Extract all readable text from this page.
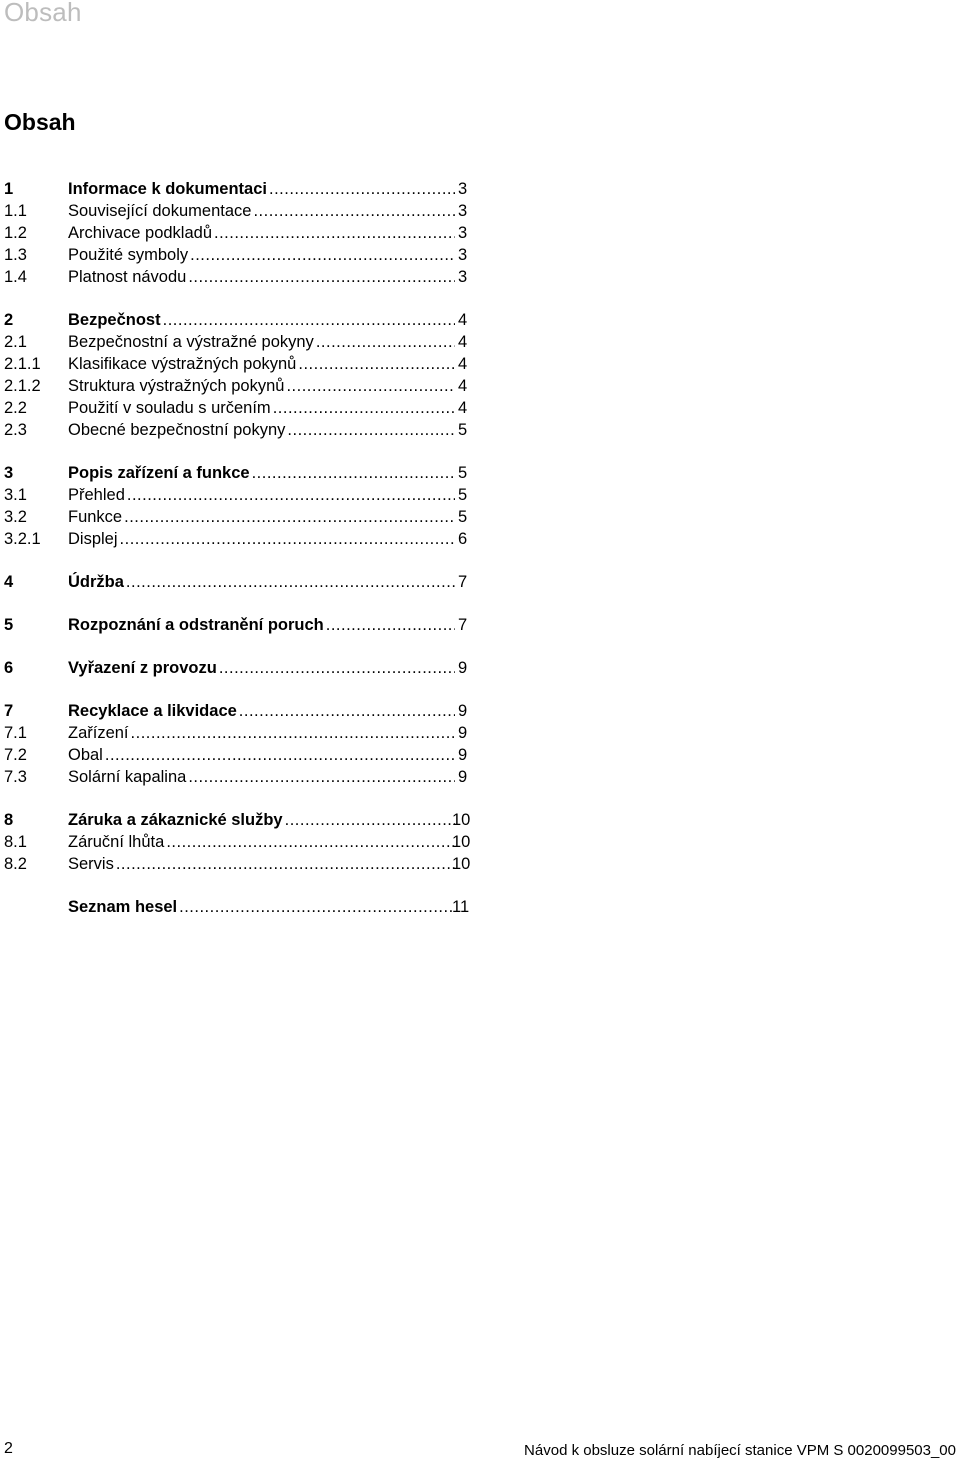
Obsah
Obsah
1	Informace k dokumentaci .....	3
1.1 Související dokumentace .....	3
1.2 Archivace podkladů .....	3
1.3 Použité symboly .....	3
1.4 Platnost návodu .....	3
2	Bezpečnost .....	4
2.1 Bezpečnostní a výstražné pokyny .....	4
2.1.1 Klasifikace výstražných pokynů .....	4
2.1.2 Struktura výstražných pokynů .....	4
2.2 Použití v souladu s určením .....	4
2.3 Obecné bezpečnostní pokyny .....	5
3	Popis zařízení a funkce .....	5
3.1 Přehled .....	5
3.2 Funkce .....	5
3.2.1 Displej .....	6
4	Údržba .....	7
5	Rozpoznání a odstranění poruch .....	7
6	Vyřazení z provozu .....	9
7	Recyklace a likvidace .....	9
7.1 Zařízení .....	9
7.2 Obal .....	9
7.3 Solární kapalina .....	9
8	Záruka a zákaznické služby .....	10
8.1 Záruční lhůta .....	10
8.2 Servis .....	10
Seznam hesel .....	11
2	Návod k obsluze solární nabíjecí stanice VPM S 0020099503_00
